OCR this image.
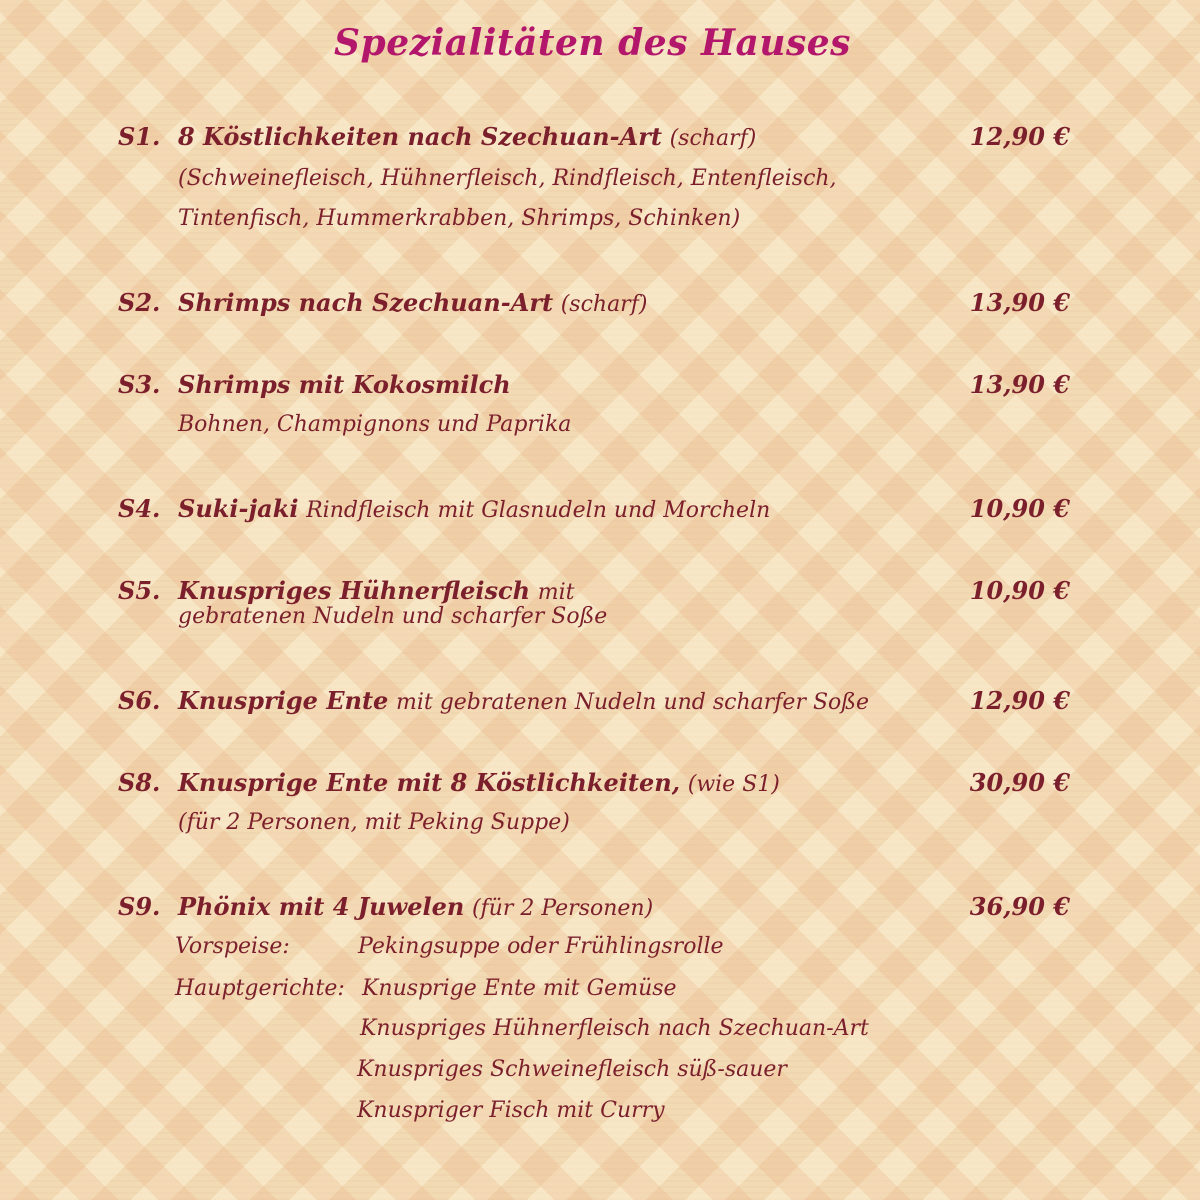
Spezialitäten des Hauses
S1. 8 Köstlichkeiten nach Szechuan-Art (scharf)	12,90 €
(Schweinefleisch, Hühnerfleisch, Rindfleisch, Entenfleisch,
Tintenfisch, Hummerkrabben, Shrimps, Schinken)
S2. Shrimps nach Szechuan-Art (scharf)	13,90 €
S3. Shrimps mit Kokosmilch	13,90 €
Bohnen, Champignons und Paprika
S4. Suki-jaki Rindfleisch mit Glasnudeln und Morcheln	10,90 €
S5. Knuspriges Hühnerfleisch mit	10,90 €
gebratenen Nudeln und scharfer Soße
S6. Knusprige Ente mit gebratenen Nudeln und scharfer Soße	12,90 €
S8. Knusprige Ente mit 8 Köstlichkeiten, (wie S1)	30,90 €
(für 2 Personen, mit Peking Suppe)
S9. Phönix mit 4 Juwelen (für 2 Personen)	36,90 €
Vorspeise:	Pekingsuppe oder Frühlingsrolle
Hauptgerichte: Knusprige Ente mit Gemüse
Knuspriges Hühnerfleisch nach Szechuan-Art
Knuspriges Schweinefleisch süß-sauer
Knuspriger Fisch mit Curry
